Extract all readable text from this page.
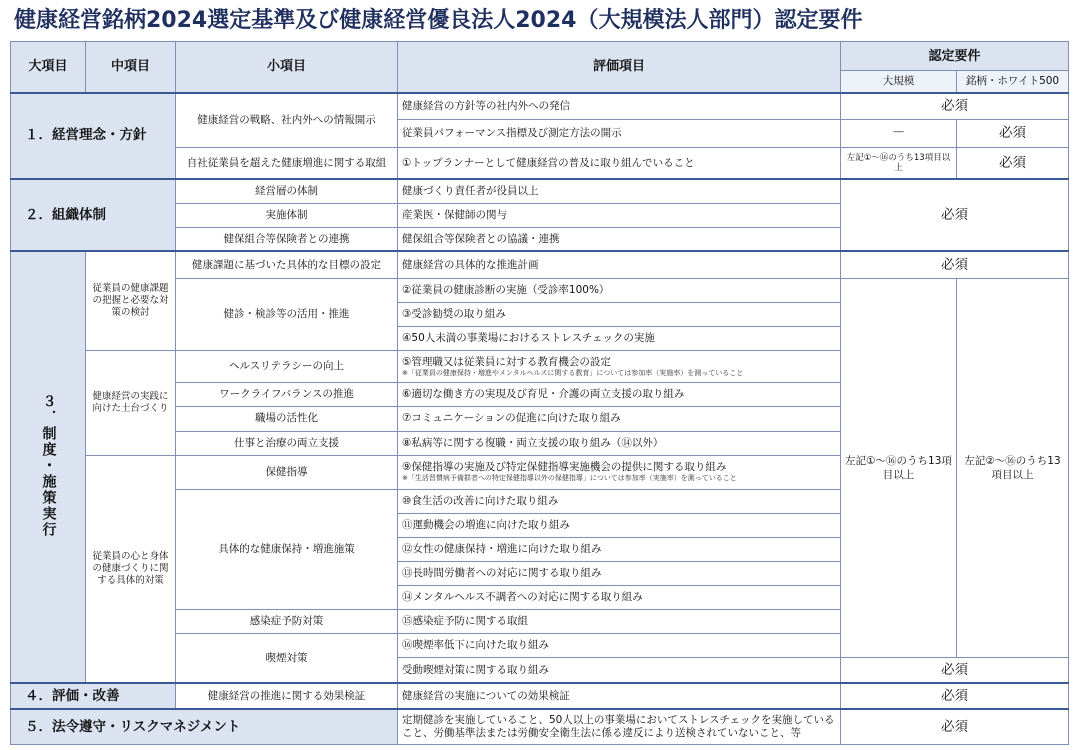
健康経営銘柄2024選定基準及び健康経営優良法人2024（大規模法人部門）認定要件
大項目	中項目	小項目	評価項目	認定要件	
				大規模	銘柄・ホワイト500
１．経営理念・方針		健康経営の戦略、社内外への情報開示	健康経営の方針等の社内外への発信	必須	
			従業員パフォーマンス指標及び測定方法の開示	－	必須
		自社従業員を超えた健康増進に関する取組	①トップランナーとして健康経営の普及に取り組んでいること	左記①～⑯のうち13項目以上	必須
２．組織体制		経営層の体制	健康づくり責任者が役員以上	必須	
		実施体制	産業医・保健師の関与		
		健保組合等保険者との連携	健保組合等保険者との協議・連携		
３．制度・施策実行	従業員の健康課題の把握と必要な対策の検討	健康課題に基づいた具体的な目標の設定	健康経営の具体的な推進計画	必須	
		健診・検診等の活用・推進	②従業員の健康診断の実施（受診率100%）	左記①～⑯のうち13項目以上	左記②～⑯のうち13項目以上
			③受診勧奨の取り組み		
			④50人未満の事業場におけるストレスチェックの実施		
	健康経営の実践に向けた土台づくり	ヘルスリテラシーの向上	⑤管理職又は従業員に対する教育機会の設定
※「従業員の健康保持・増進やメンタルヘルスに関する教育」については参加率（実施率）を測っていること		

		ワークライフバランスの推進	⑥適切な働き方の実現及び育児・介護の両立支援の取り組み		
		職場の活性化	⑦コミュニケーションの促進に向けた取り組み		
		仕事と治療の両立支援	⑧私病等に関する復職・両立支援の取り組み（⑭以外）		
	従業員の心と身体の健康づくりに関する具体的対策	保健指導	⑨保健指導の実施及び特定保健指導実施機会の提供に関する取り組み
※「生活習慣病予備群者への特定保健指導以外の保健指導」については参加率（実施率）を測っていること		

		具体的な健康保持・増進施策	⑩食生活の改善に向けた取り組み		
			⑪運動機会の増進に向けた取り組み		
			⑫女性の健康保持・増進に向けた取り組み		
			⑬長時間労働者への対応に関する取り組み		
			⑭メンタルヘルス不調者への対応に関する取り組み		
		感染症予防対策	⑮感染症予防に関する取組		
		喫煙対策	⑯喫煙率低下に向けた取り組み		
			受動喫煙対策に関する取り組み	必須	
４．評価・改善		健康経営の推進に関する効果検証	健康経営の実施についての効果検証	必須	
５．法令遵守・リスクマネジメント			定期健診を実施していること、50人以上の事業場においてストレスチェックを実施していること、労働基準法または労働安全衛生法に係る違反により送検されていないこと、等	必須	
